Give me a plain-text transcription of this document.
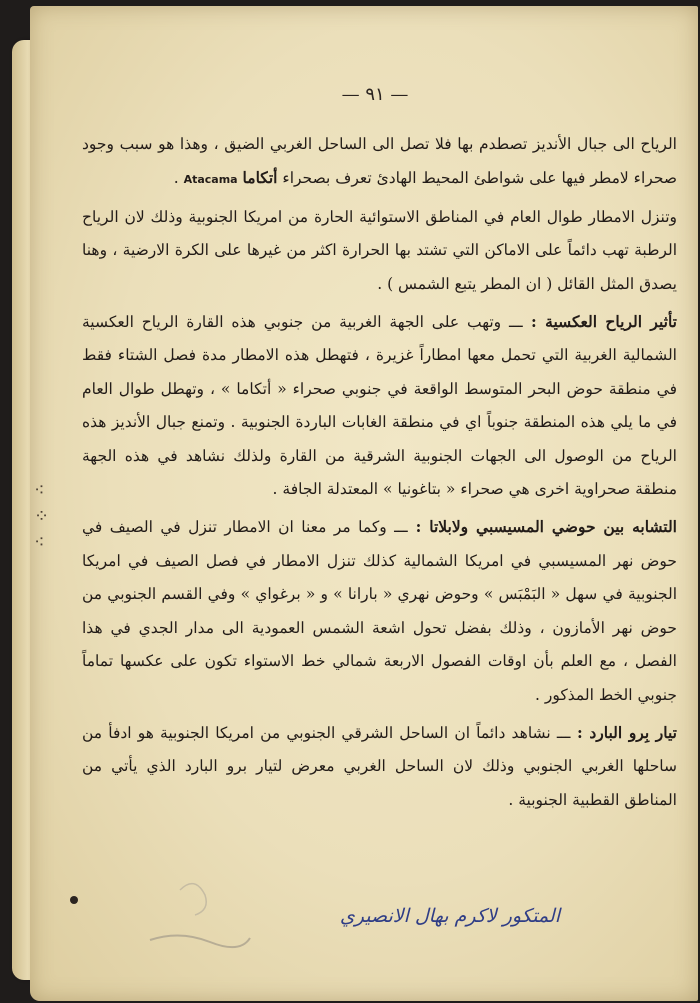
⁖
⁘
⁖
— ٩١ —

الرياح الى جبال الأنديز تصطدم بها فلا تصل الى الساحل الغربي الضيق ، وهذا هو سبب وجود صحراء لامطر فيها على شواطئ المحيط الهادئ تعرف بصحراء أتكاما Atacama .

وتنزل الامطار طوال العام في المناطق الاستوائية الحارة من امريكا الجنوبية وذلك لان الرياح الرطبة تهب دائماً على الاماكن التي تشتد بها الحرارة اكثر من غيرها على الكرة الارضية ، وهنا يصدق المثل القائل ( ان المطر يتبع الشمس ) .

تأثير الرياح العكسية : ـــ وتهب على الجهة الغربية من جنوبي هذه القارة الرياح العكسية الشمالية الغربية التي تحمل معها امطاراً غزيرة ، فتهطل هذه الامطار مدة فصل الشتاء فقط في منطقة حوض البحر المتوسط الواقعة في جنوبي صحراء « أتكاما » ، وتهطل طوال العام في ما يلي هذه المنطقة جنوباً اي في منطقة الغابات الباردة الجنوبية . وتمنع جبال الأنديز هذه الرياح من الوصول الى الجهات الجنوبية الشرقية من القارة ولذلك نشاهد في هذه الجهة منطقة صحراوية اخرى هي صحراء « بتاغونيا » المعتدلة الجافة .

التشابه بين حوضي المسيسبي ولابلاتا : ـــ وكما مر معنا ان الامطار تنزل في الصيف في حوض نهر المسيسبي في امريكا الشمالية كذلك تنزل الامطار في فصل الصيف في امريكا الجنوبية في سهل « البَمْبَس » وحوض نهري « بارانا » و « برغواي » وفي القسم الجنوبي من حوض نهر الأمازون ، وذلك بفضل تحول اشعة الشمس العمودية الى مدار الجدي في هذا الفصل ، مع العلم بأن اوقات الفصول الاربعة شمالي خط الاستواء تكون على عكسها تماماً جنوبي الخط المذكور .

تيار بِرو البارد : ـــ نشاهد دائماً ان الساحل الشرقي الجنوبي من امريكا الجنوبية هو ادفأ من ساحلها الغربي الجنوبي وذلك لان الساحل الغربي معرض لتيار برو البارد الذي يأتي من المناطق القطبية الجنوبية .

المتكور لاكرم بهال الانصيري
